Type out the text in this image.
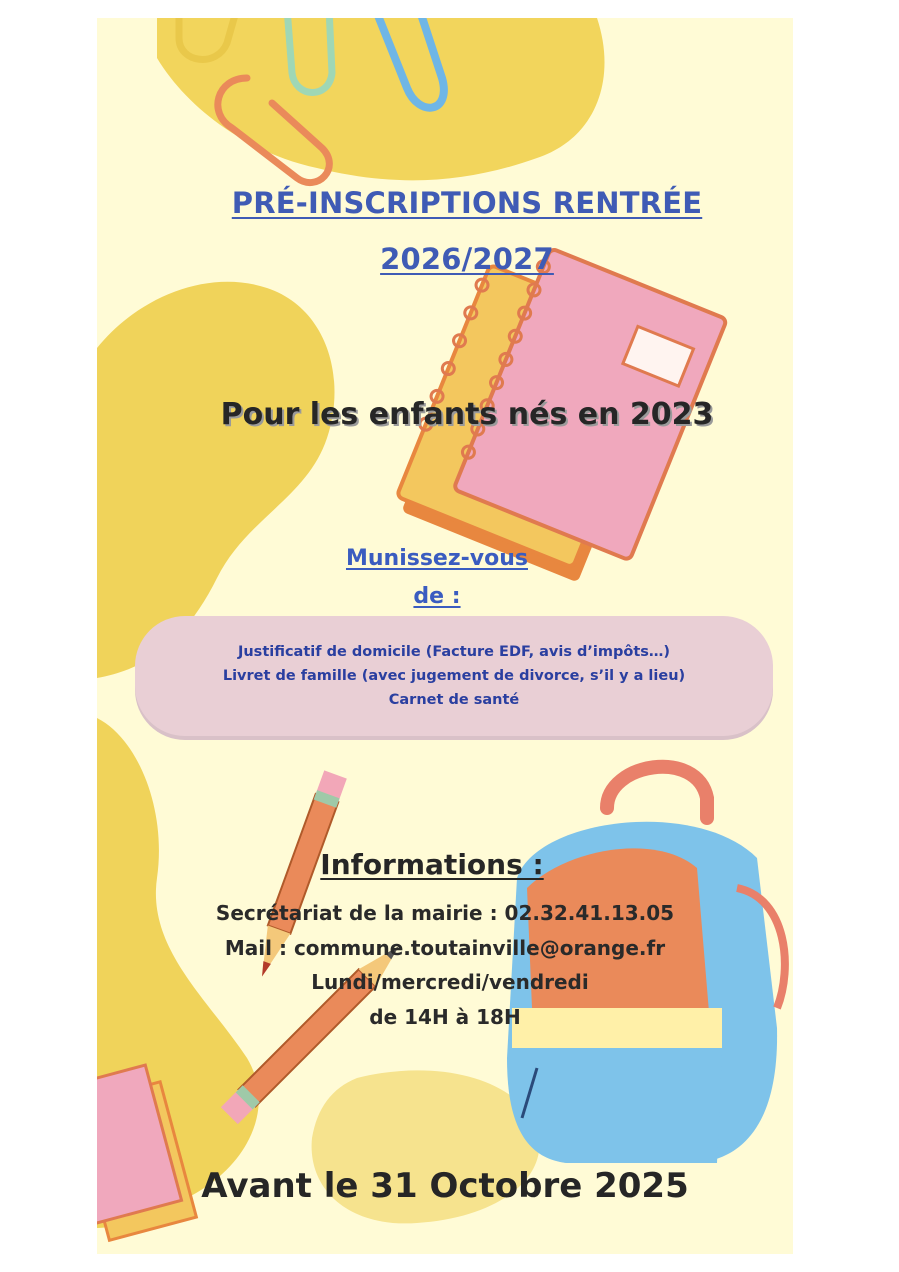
PRÉ-INSCRIPTIONS RENTRÉE
2026/2027
Pour les enfants nés en 2023
Munissez-vous
de :
Justificatif de domicile (Facture EDF, avis d’impôts…)
Livret de famille (avec jugement de divorce, s’il y a lieu)
Carnet de santé
Informations :
Secrétariat de la mairie : 02.32.41.13.05
Mail : commune.toutainville@orange.fr
Lundi/mercredi/vendredi
de 14H à 18H
Avant le 31 Octobre 2025
